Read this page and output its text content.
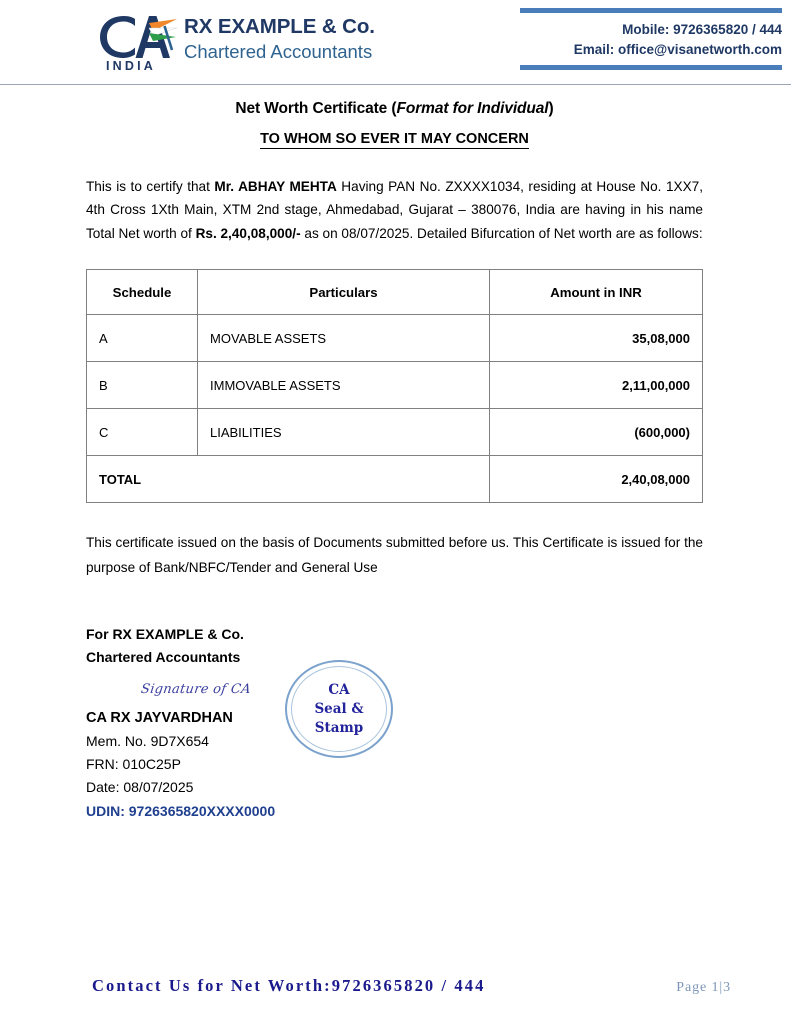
INDIA
RX EXAMPLE & Co.
Chartered Accountants
Mobile: 9726365820 / 444
Email: office@visanetworth.com
Net Worth Certificate (Format for Individual)
TO WHOM SO EVER IT MAY CONCERN
This is to certify that Mr. ABHAY MEHTA Having PAN No. ZXXXX1034, residing at House No. 1XX7, 4th Cross 1Xth Main, XTM 2nd stage, Ahmedabad, Gujarat – 380076, India are having in his name Total Net worth of Rs. 2,40,08,000/- as on 08/07/2025. Detailed Bifurcation of Net worth are as follows:
Schedule	Particulars	Amount in INR
A	MOVABLE ASSETS	35,08,000
B	IMMOVABLE ASSETS	2,11,00,000
C	LIABILITIES	(600,000)
TOTAL		2,40,08,000
This certificate issued on the basis of Documents submitted before us. This Certificate is issued for the purpose of Bank/NBFC/Tender and General Use
For RX EXAMPLE & Co.
Chartered Accountants
Signature of CA
CA RX JAYVARDHAN
Mem. No. 9D7X654
FRN: 010C25P
Date: 08/07/2025
UDIN: 9726365820XXXX0000
CA
Seal &
Stamp
Contact Us for Net Worth:9726365820 / 444	Page 1|3
